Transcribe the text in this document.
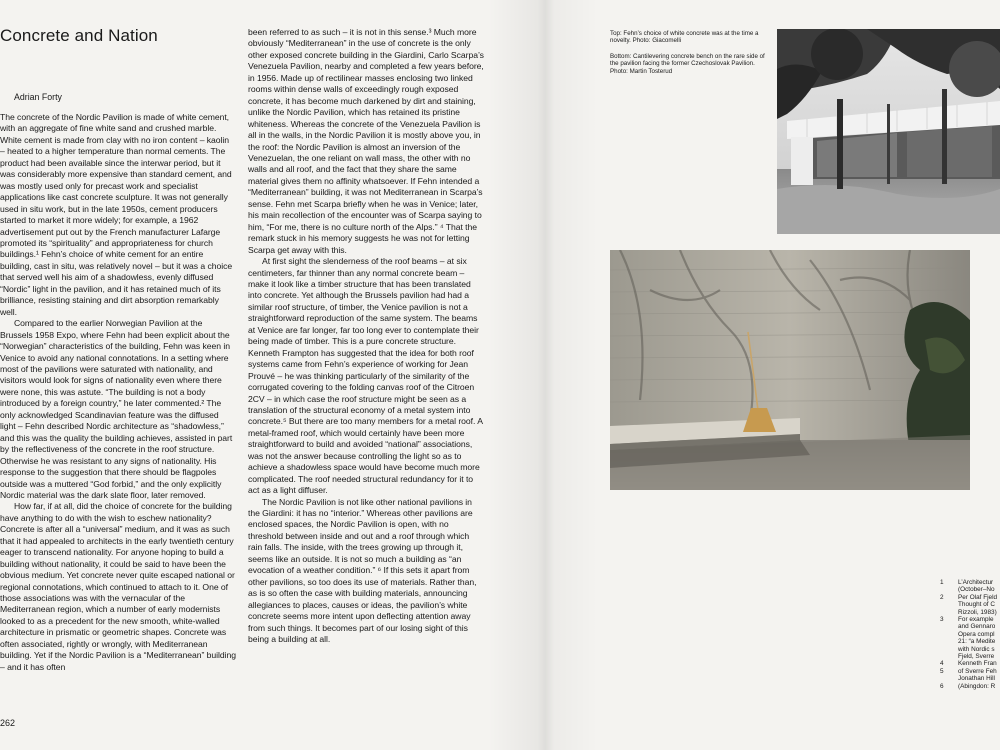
Concrete and Nation
Adrian Forty

The concrete of the Nordic Pavilion is made of white cement, with an aggregate of fine white sand and crushed marble. White cement is made from clay with no iron content – kaolin – heated to a higher temperature than normal cements. The product had been available since the interwar period, but it was considerably more expensive than standard cement, and was mostly used only for precast work and specialist applications like cast concrete sculpture. It was not generally used in situ work, but in the late 1950s, cement producers started to market it more widely; for example, a 1962 advertisement put out by the French manufacturer Lafarge promoted its “spirituality” and appropriateness for church buildings.¹ Fehn’s choice of white cement for an entire building, cast in situ, was relatively novel – but it was a choice that served well his aim of a shadowless, evenly diffused “Nordic” light in the pavilion, and it has retained much of its brilliance, resisting staining and dirt absorption remarkably well.

Compared to the earlier Norwegian Pavilion at the Brussels 1958 Expo, where Fehn had been explicit about the “Norwegian” characteristics of the building, Fehn was keen in Venice to avoid any national connotations. In a setting where most of the pavilions were saturated with nationality, and visitors would look for signs of nationality even where there were none, this was astute. “The building is not a body introduced by a foreign country,” he later commented.² The only acknowledged Scandinavian feature was the diffused light – Fehn described Nordic architecture as “shadowless,” and this was the quality the building achieves, assisted in part by the reflectiveness of the concrete in the roof structure. Otherwise he was resistant to any signs of nationality. His response to the suggestion that there should be flagpoles outside was a muttered “God forbid,” and the only explicitly Nordic material was the dark slate floor, later removed.

How far, if at all, did the choice of concrete for the building have anything to do with the wish to eschew nationality? Concrete is after all a “universal” medium, and it was as such that it had appealed to architects in the early twentieth century eager to transcend nationality. For anyone hoping to build a building without nationality, it could be said to have been the obvious medium. Yet concrete never quite escaped national or regional connotations, which continued to attach to it. One of those associations was with the vernacular of the Mediterranean region, which a number of early modernists looked to as a precedent for the new smooth, white-walled architecture in prismatic or geometric shapes. Concrete was often associated, rightly or wrongly, with Mediterranean building. Yet if the Nordic Pavilion is a “Mediterranean” building – and it has often

been referred to as such – it is not in this sense.³ Much more obviously “Mediterranean” in the use of concrete is the only other exposed concrete building in the Giardini, Carlo Scarpa’s Venezuela Pavilion, nearby and completed a few years before, in 1956. Made up of rectilinear masses enclosing two linked rooms within dense walls of exceedingly rough exposed concrete, it has become much darkened by dirt and staining, unlike the Nordic Pavilion, which has retained its pristine whiteness. Whereas the concrete of the Venezuela Pavilion is all in the walls, in the Nordic Pavilion it is mostly above you, in the roof: the Nordic Pavilion is almost an inversion of the Venezuelan, the one reliant on wall mass, the other with no walls and all roof, and the fact that they share the same material gives them no affinity whatsoever. If Fehn intended a “Mediterranean” building, it was not Mediterranean in Scarpa’s sense. Fehn met Scarpa briefly when he was in Venice; later, his main recollection of the encounter was of Scarpa saying to him, “For me, there is no culture north of the Alps.” ⁴ That the remark stuck in his memory suggests he was not for letting Scarpa get away with this.

At first sight the slenderness of the roof beams – at six centimeters, far thinner than any normal concrete beam – make it look like a timber structure that has been translated into concrete. Yet although the Brussels pavilion had had a similar roof structure, of timber, the Venice pavilion is not a straightforward reproduction of the same system. The beams at Venice are far longer, far too long ever to contemplate their being made of timber. This is a pure concrete structure. Kenneth Frampton has suggested that the idea for both roof systems came from Fehn’s experience of working for Jean Prouvé – he was thinking particularly of the similarity of the corrugated covering to the folding canvas roof of the Citroen 2CV – in which case the roof structure might be seen as a translation of the structural economy of a metal system into concrete.⁵ But there are too many members for a metal roof. A metal-framed roof, which would certainly have been more straightforward to build and avoided “national” associations, was not the answer because controlling the light so as to achieve a shadowless space would have become much more complicated. The roof needed structural redundancy for it to act as a light diffuser.

The Nordic Pavilion is not like other national pavilions in the Giardini: it has no “interior.” Whereas other pavilions are enclosed spaces, the Nordic Pavilion is open, with no threshold between inside and out and a roof through which rain falls. The inside, with the trees growing up through it, seems like an outside. It is not so much a building as “an evocation of a weather condition.” ⁶ If this sets it apart from other pavilions, so too does its use of materials. Rather than, as is so often the case with building materials, announcing allegiances to places, causes or ideas, the pavilion’s white concrete seems more intent upon deflecting attention away from such things. It becomes part of our losing sight of this being a building at all.

262
Top: Fehn’s choice of white concrete was at the time a novelty. Photo: Giacomelli
Bottom: Cantilevering concrete bench on the rare side of the pavilion facing the former Czechoslovak Pavilion. Photo: Martin Tosterud
1	L’Architectur
(October–No
2	Per Olaf Fjeld
Thought of C
Rizzoli, 1983)
3	For example
and Gennaro
Opera compl
21: “a Medite
with Nordic s
Fjeld, Sverre
4	Kenneth Fran
5	of Sverre Feh
Jonathan Hill
6	(Abingdon: R
